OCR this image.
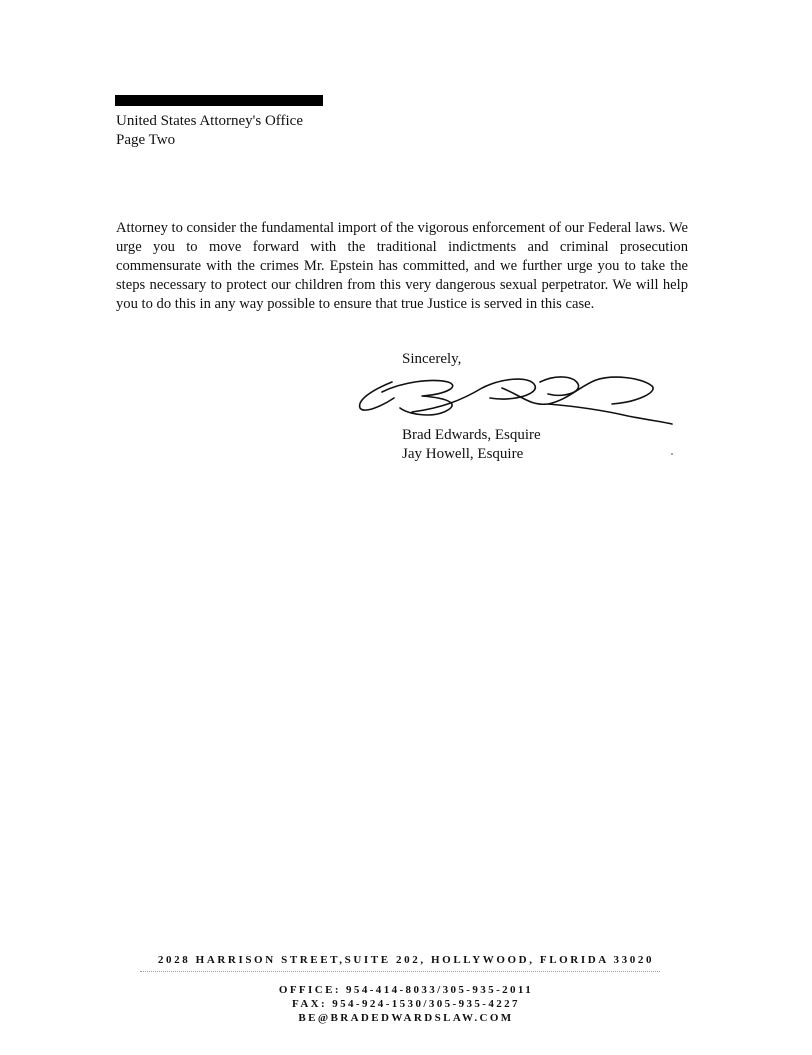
United States Attorney's Office
Page Two

Attorney to consider the fundamental import of the vigorous enforcement of our Federal laws. We urge you to move forward with the traditional indictments and criminal prosecution commensurate with the crimes Mr. Epstein has committed, and we further urge you to take the steps necessary to protect our children from this very dangerous sexual perpetrator. We will help you to do this in any way possible to ensure that true Justice is served in this case.

Sincerely,
Brad Edwards, Esquire
Jay Howell, Esquire
2028 HARRISON STREET,SUITE 202, HOLLYWOOD, FLORIDA 33020
OFFICE: 954-414-8033/305-935-2011
FAX: 954-924-1530/305-935-4227
BE@BRADEDWARDSLAW.COM
